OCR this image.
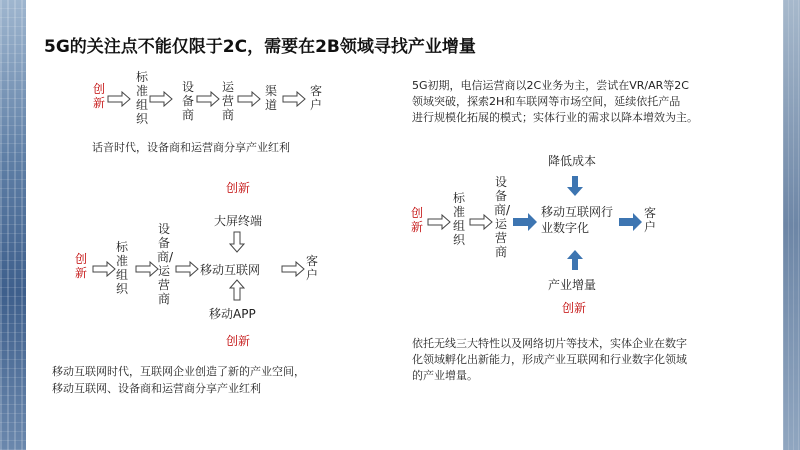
5G的关注点不能仅限于2C，需要在2B领域寻找产业增量
创新
标准组织
设备商
运营商
渠道
客户
话音时代，设备商和运营商分享产业红利
创新
大屏终端
创新
标准组织
设备商/运营商
移动互联网
客户
移动APP
创新
移动互联网时代，互联网企业创造了新的产业空间，
移动互联网、设备商和运营商分享产业红利
5G初期，电信运营商以2C业务为主，尝试在VR/AR等2C
领域突破，探索2H和车联网等市场空间，延续依托产品
进行规模化拓展的模式；实体行业的需求以降本增效为主。
降低成本
创新
标准组织
设备商/运营商
移动互联网行业数字化
客户
产业增量
创新
依托无线三大特性以及网络切片等技术，实体企业在数字
化领域孵化出新能力，形成产业互联网和行业数字化领域
的产业增量。
